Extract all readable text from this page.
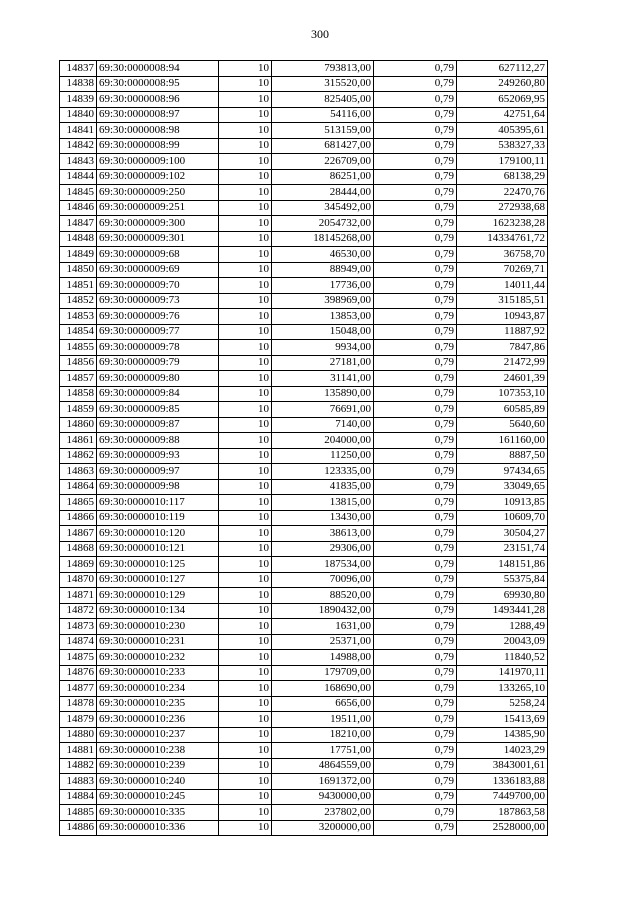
300
14837	69:30:0000008:94	10	793813,00	0,79	627112,27
14838	69:30:0000008:95	10	315520,00	0,79	249260,80
14839	69:30:0000008:96	10	825405,00	0,79	652069,95
14840	69:30:0000008:97	10	54116,00	0,79	42751,64
14841	69:30:0000008:98	10	513159,00	0,79	405395,61
14842	69:30:0000008:99	10	681427,00	0,79	538327,33
14843	69:30:0000009:100	10	226709,00	0,79	179100,11
14844	69:30:0000009:102	10	86251,00	0,79	68138,29
14845	69:30:0000009:250	10	28444,00	0,79	22470,76
14846	69:30:0000009:251	10	345492,00	0,79	272938,68
14847	69:30:0000009:300	10	2054732,00	0,79	1623238,28
14848	69:30:0000009:301	10	18145268,00	0,79	14334761,72
14849	69:30:0000009:68	10	46530,00	0,79	36758,70
14850	69:30:0000009:69	10	88949,00	0,79	70269,71
14851	69:30:0000009:70	10	17736,00	0,79	14011,44
14852	69:30:0000009:73	10	398969,00	0,79	315185,51
14853	69:30:0000009:76	10	13853,00	0,79	10943,87
14854	69:30:0000009:77	10	15048,00	0,79	11887,92
14855	69:30:0000009:78	10	9934,00	0,79	7847,86
14856	69:30:0000009:79	10	27181,00	0,79	21472,99
14857	69:30:0000009:80	10	31141,00	0,79	24601,39
14858	69:30:0000009:84	10	135890,00	0,79	107353,10
14859	69:30:0000009:85	10	76691,00	0,79	60585,89
14860	69:30:0000009:87	10	7140,00	0,79	5640,60
14861	69:30:0000009:88	10	204000,00	0,79	161160,00
14862	69:30:0000009:93	10	11250,00	0,79	8887,50
14863	69:30:0000009:97	10	123335,00	0,79	97434,65
14864	69:30:0000009:98	10	41835,00	0,79	33049,65
14865	69:30:0000010:117	10	13815,00	0,79	10913,85
14866	69:30:0000010:119	10	13430,00	0,79	10609,70
14867	69:30:0000010:120	10	38613,00	0,79	30504,27
14868	69:30:0000010:121	10	29306,00	0,79	23151,74
14869	69:30:0000010:125	10	187534,00	0,79	148151,86
14870	69:30:0000010:127	10	70096,00	0,79	55375,84
14871	69:30:0000010:129	10	88520,00	0,79	69930,80
14872	69:30:0000010:134	10	1890432,00	0,79	1493441,28
14873	69:30:0000010:230	10	1631,00	0,79	1288,49
14874	69:30:0000010:231	10	25371,00	0,79	20043,09
14875	69:30:0000010:232	10	14988,00	0,79	11840,52
14876	69:30:0000010:233	10	179709,00	0,79	141970,11
14877	69:30:0000010:234	10	168690,00	0,79	133265,10
14878	69:30:0000010:235	10	6656,00	0,79	5258,24
14879	69:30:0000010:236	10	19511,00	0,79	15413,69
14880	69:30:0000010:237	10	18210,00	0,79	14385,90
14881	69:30:0000010:238	10	17751,00	0,79	14023,29
14882	69:30:0000010:239	10	4864559,00	0,79	3843001,61
14883	69:30:0000010:240	10	1691372,00	0,79	1336183,88
14884	69:30:0000010:245	10	9430000,00	0,79	7449700,00
14885	69:30:0000010:335	10	237802,00	0,79	187863,58
14886	69:30:0000010:336	10	3200000,00	0,79	2528000,00
